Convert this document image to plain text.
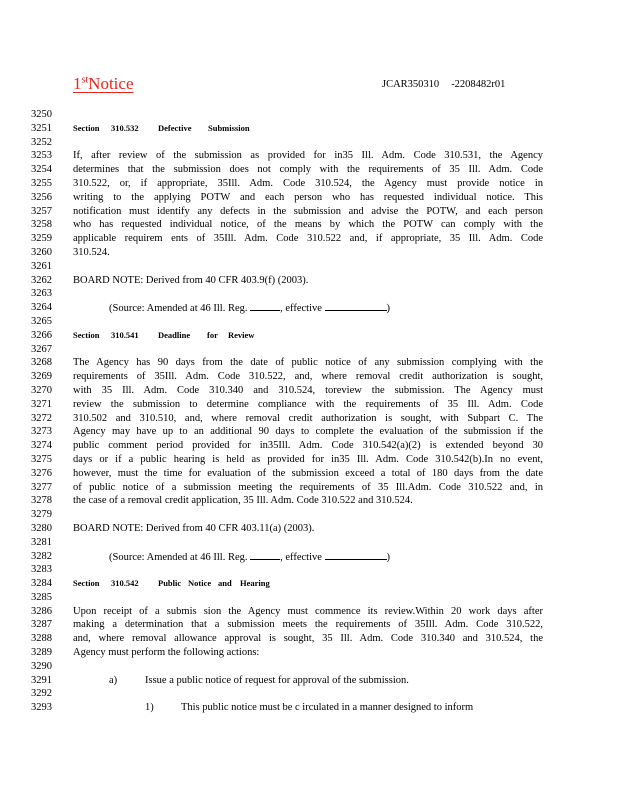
1stNotice	JCAR350310 -2208482r01
3250
3251
3252
3253
3254
3255
3256
3257
3258
3259
3260
3261
3262
3263
3264
3265
3266
3267
3268
3269
3270
3271
3272
3273
3274
3275
3276
3277
3278
3279
3280
3281
3282
3283
3284
3285
3286
3287
3288
3289
3290
3291
3292
3293
Section 310.532 Defective Submission
If, after review of the submission as provided for in35 Ill. Adm. Code 310.531, the Agency
determines that the submission does not comply with the requirements of 35 Ill. Adm. Code
310.522, or, if appropriate, 35Ill. Adm. Code 310.524, the Agency must provide notice in
writing to the applying POTW and each person who has requested individual notice. This
notification must identify any defects in the submission and advise the POTW, and each person
who has requested individual notice, of the means by which the POTW can comply with the
applicable requirem ents of 35Ill. Adm. Code 310.522 and, if appropriate, 35 Ill. Adm. Code
310.524.
BOARD NOTE: Derived from 40 CFR 403.9(f) (2003).
(Source: Amended at 46 Ill. Reg.	, effective	)
Section 310.541 Deadline for Review
The Agency has 90 days from the date of public notice of any submission complying with the
requirements of 35Ill. Adm. Code 310.522, and, where removal credit authorization is sought,
with 35 Ill. Adm. Code 310.340 and 310.524, toreview the submission. The Agency must
review the submission to determine compliance with the requirements of 35 Ill. Adm. Code
310.502 and 310.510, and, where removal credit authorization is sought, with Subpart C. The
Agency may have up to an additional 90 days to complete the evaluation of the submission if the
public comment period provided for in35Ill. Adm. Code 310.542(a)(2) is extended beyond 30
days or if a public hearing is held as provided for in35 Ill. Adm. Code 310.542(b).In no event,
however, must the time for evaluation of the submission exceed a total of 180 days from the date
of public notice of a submission meeting the requirements of 35 Ill.Adm. Code 310.522 and, in
the case of a removal credit application, 35 Ill. Adm. Code 310.522 and 310.524.
BOARD NOTE: Derived from 40 CFR 403.11(a) (2003).
(Source: Amended at 46 Ill. Reg.	, effective	)
Section 310.542 Public Notice and Hearing
Upon receipt of a submis sion the Agency must commence its review.Within 20 work days after
making a determination that a submission meets the requirements of 35Ill. Adm. Code 310.522,
and, where removal allowance approval is sought, 35 Ill. Adm. Code 310.340 and 310.524, the
Agency must perform the following actions:
a)	Issue a public notice of request for approval of the submission.
1)	This public notice must be c irculated in a manner designed to inform
